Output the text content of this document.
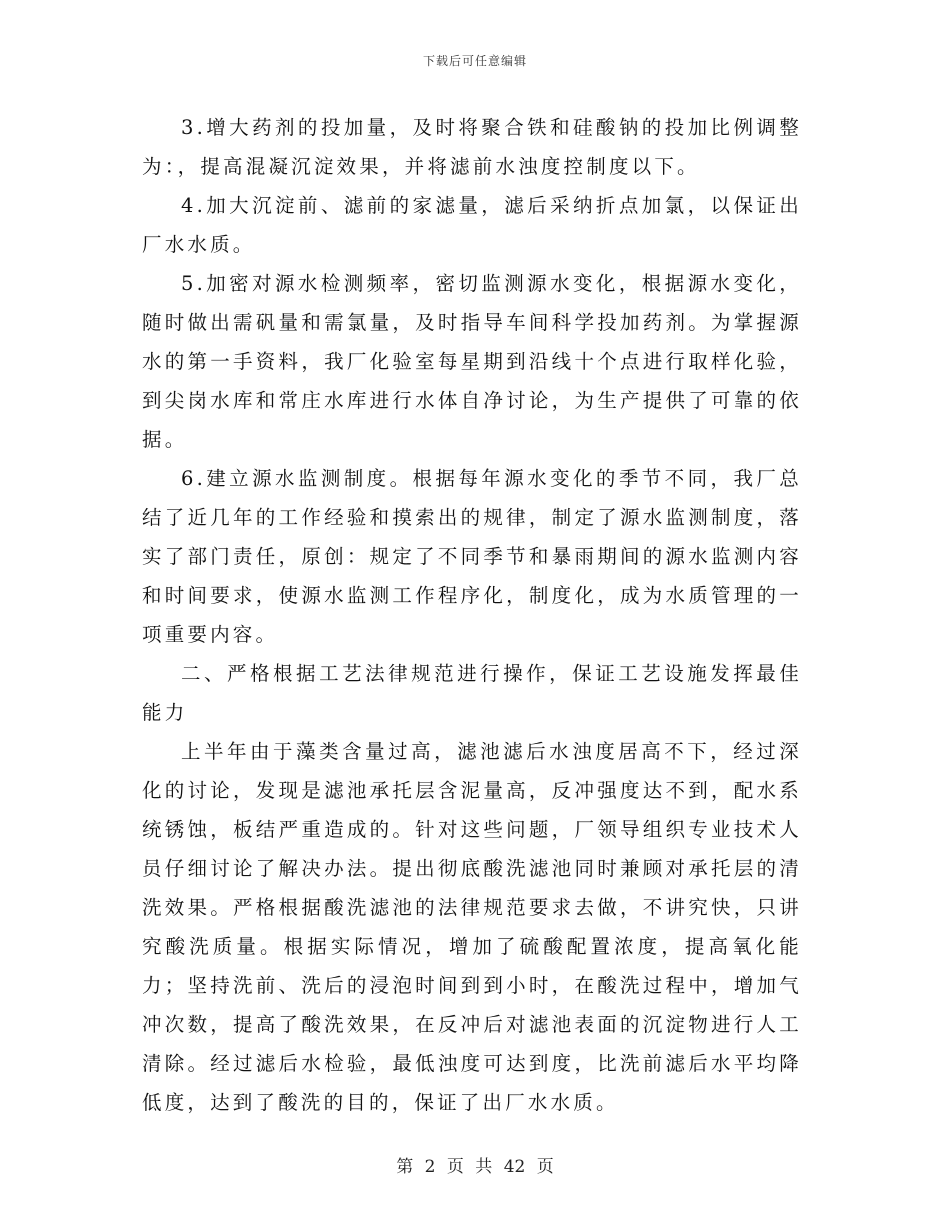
下载后可任意编辑

3.增大药剂的投加量，及时将聚合铁和硅酸钠的投加比例调整为：，提高混凝沉淀效果，并将滤前水浊度控制度以下。

4.加大沉淀前、滤前的家滤量，滤后采纳折点加氯，以保证出厂水水质。

5.加密对源水检测频率，密切监测源水变化，根据源水变化，随时做出需矾量和需氯量，及时指导车间科学投加药剂。为掌握源水的第一手资料，我厂化验室每星期到沿线十个点进行取样化验，到尖岗水库和常庄水库进行水体自净讨论，为生产提供了可靠的依据。

6.建立源水监测制度。根据每年源水变化的季节不同，我厂总结了近几年的工作经验和摸索出的规律，制定了源水监测制度，落实了部门责任，原创：规定了不同季节和暴雨期间的源水监测内容和时间要求，使源水监测工作程序化，制度化，成为水质管理的一项重要内容。

二、严格根据工艺法律规范进行操作，保证工艺设施发挥最佳能力

上半年由于藻类含量过高，滤池滤后水浊度居高不下，经过深化的讨论，发现是滤池承托层含泥量高，反冲强度达不到，配水系统锈蚀，板结严重造成的。针对这些问题，厂领导组织专业技术人员仔细讨论了解决办法。提出彻底酸洗滤池同时兼顾对承托层的清洗效果。严格根据酸洗滤池的法律规范要求去做，不讲究快，只讲究酸洗质量。根据实际情况，增加了硫酸配置浓度，提高氧化能力；坚持洗前、洗后的浸泡时间到到小时，在酸洗过程中，增加气冲次数，提高了酸洗效果，在反冲后对滤池表面的沉淀物进行人工清除。经过滤后水检验，最低浊度可达到度，比洗前滤后水平均降低度，达到了酸洗的目的，保证了出厂水水质。

第 2 页 共 42 页
